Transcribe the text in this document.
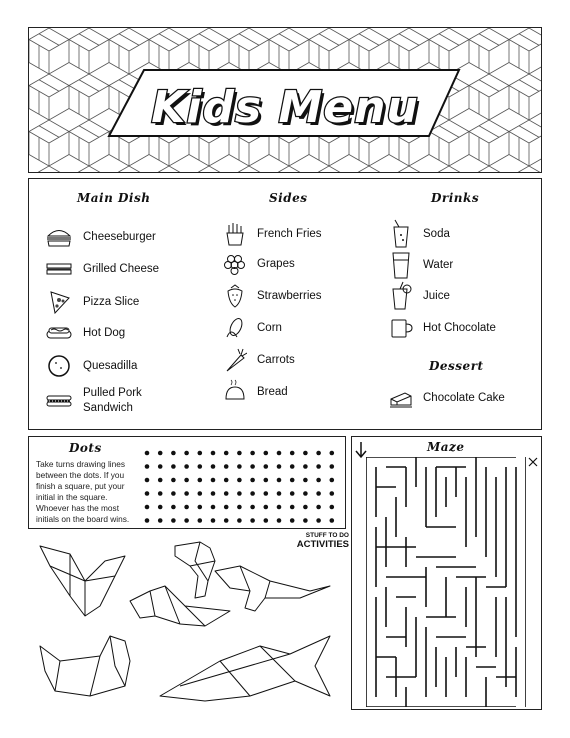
Kids Menu
Main Dish
Cheeseburger
Grilled Cheese
Pizza Slice
Hot Dog
Quesadilla
Pulled Pork Sandwich
Sides
French Fries
Grapes
Strawberries
Corn
Carrots
Bread
Drinks
Soda
Water
Juice
Hot Chocolate
Dessert
Chocolate Cake
Dots
Take turns drawing lines between the dots. If you finish a square, put your initial in the square. Whoever has the most initials on the board wins.
STUFF TO DO
ACTIVITIES
Maze
